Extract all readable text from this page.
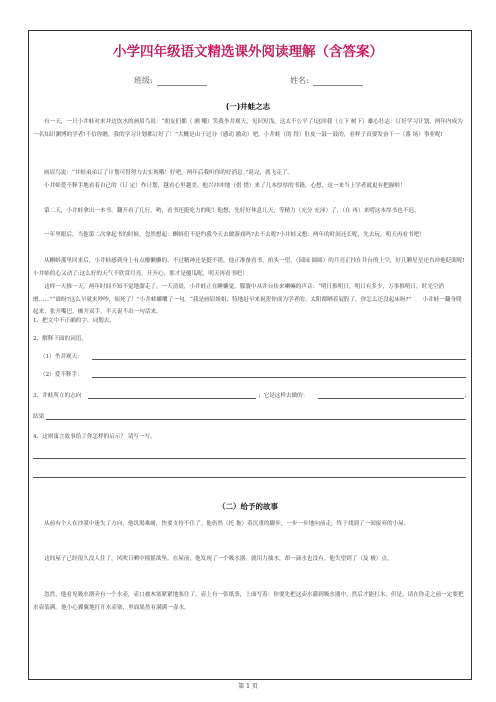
小学四年级语文精选课外阅读理解（含答案）
班级:	姓名:
(一)井蛙之志

有一天，一只小井蛙对来井边饮水的画眉鸟说：“朋友们都（ 测 嘲）笑我坐井观天，见识短浅，这太不公平了!这回我（立下 树下）雄心壮志：订好学习计划，两年内成为一名知识渊博的学者!不信你瞧，我的学习计划都订好了！”大概是由于过分（感动 激动）吧，小井蛙（的 得）肚皮一鼓一鼓的，看样子真要发奋干一（番 场）事业呢!

画眉鸟说：“井蛙弟弟订了计划可得努力去实现哦！好吧，两年后我听你的好消息。”说完，就飞走了。

小井蛙爱不释手地看着自己的（订 定）作计划，越看心里越美。他兴冲冲地（借 惜）来了几本厚厚的书籍，心想，这一来当上学者就更有把握啦！

第二天，小井蛙拿出一本书，翻开看了几行，哟，看书还挺吃力的呢！他想，先好好休息几天，等精力（充分 充沛）了，（在 再）来啃这本厚书也不迟。

一年里眼后，当他第二次拿起书的时候，忽然想起：蝌蚪们不是约我今天去做游戏吗?去不去呢?小井蛙又想：两年的时间还长呢，先去玩，明天再看书吧！

从蝌蚪那里回来后，小井蛙感到身上有点酸懒懒的，不过精神还是挺不错，他正准备看书，抬头一望，（园园 圆圆）的月亮正挂在井台的上空，好几颗星星还直冲他眨眼呢!小井蛙的心又动了:这么好的天气不欣赏月亮，开开心，那才是傻瓜呢，明天再看书吧！

这样一天推一天，两年时间不知不觉地溜走了。一天清晨，小井蛙正在睡懒觉，朦胧中从井台传来喇嘛的声音：“明日推明日，明日有多少，万事推明日，时光空消磨……”“谁呀?这么早就来吵吵，烦死了！”小井蛙嘟囔了一句。“我是画眉姐姐，特地赶早来祝贺你成为学者的。太阳都晒着屁股了，你怎么还没起床呀?”　　小井蛙一翻身爬起来，张开嘴巴，摊开双手，半天说不出一句话来。

1、把文中不正确的字、词划去。

2、解释下面的词语。

（1）坐井观天：

（2）爱不释手：

3、井蛙所立的志向	；它是这样去做的：	；

结果

4、这则寓言故事给了你怎样的启示？ 请写一写。

（二）给予的故事

从前有个人在沙漠中迷失了方向，他饥渴难耐，快要支持不住了。他仍然（托 拖）着沉重的脚步，一步一步地向前走，终于找到了一间废弃的小屋。

这间屋子已经很久没人住了，风吹日晒中摇摇欲坠。在屋前，他发现了一个吸水器，就用力抽水，却一滴水也没有。他失望到了（及 极）点。

忽然，他看见吸水器旁有一个水壶，壶口被木塞紧紧地塞住了。壶上有一张纸条，上面写着：你要先把这壶水灌到吸水器中，然后才能打水。但是，请在你走之前一定要把水壶装满。他小心翼翼地打开水壶塞，里面果然有满满一壶水。

第 1 页
